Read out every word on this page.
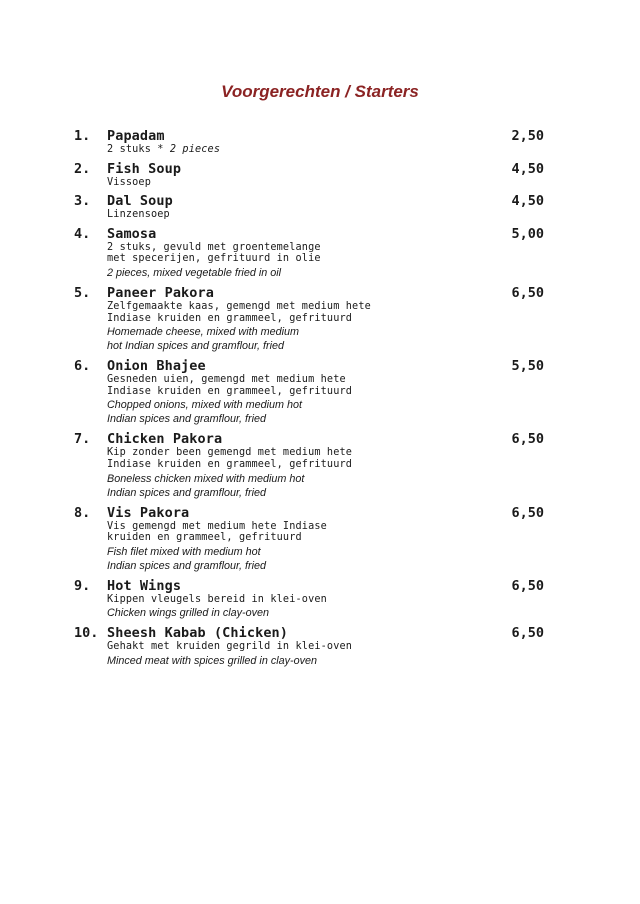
Voorgerechten / Starters
1. Papadam
2 stuks * 2 pieces
2,50
2. Fish Soup
Vissoep
4,50
3. Dal Soup
Linzensoep
4,50
4. Samosa
2 stuks, gevuld met groentemelange
met specerijen, gefrituurd in olie
2 pieces, mixed vegetable fried in oil
5,00
5. Paneer Pakora
Zelfgemaakte kaas, gemengd met medium hete
Indiase kruiden en grammeel, gefrituurd
Homemade cheese, mixed with medium
hot Indian spices and gramflour, fried
6,50
6. Onion Bhajee
Gesneden uien, gemengd met medium hete
Indiase kruiden en grammeel, gefrituurd
Chopped onions, mixed with medium hot
Indian spices and gramflour, fried
5,50
7. Chicken Pakora
Kip zonder been gemengd met medium hete
Indiase kruiden en grammeel, gefrituurd
Boneless chicken mixed with medium hot
Indian spices and gramflour, fried
6,50
8. Vis Pakora
Vis gemengd met medium hete Indiase
kruiden en grammeel, gefrituurd
Fish filet mixed with medium hot
Indian spices and gramflour, fried
6,50
9. Hot Wings
Kippen vleugels bereid in klei-oven
Chicken wings grilled in clay-oven
6,50
10. Sheesh Kabab (Chicken)
Gehakt met kruiden gegrild in klei-oven
Minced meat with spices grilled in clay-oven
6,50
